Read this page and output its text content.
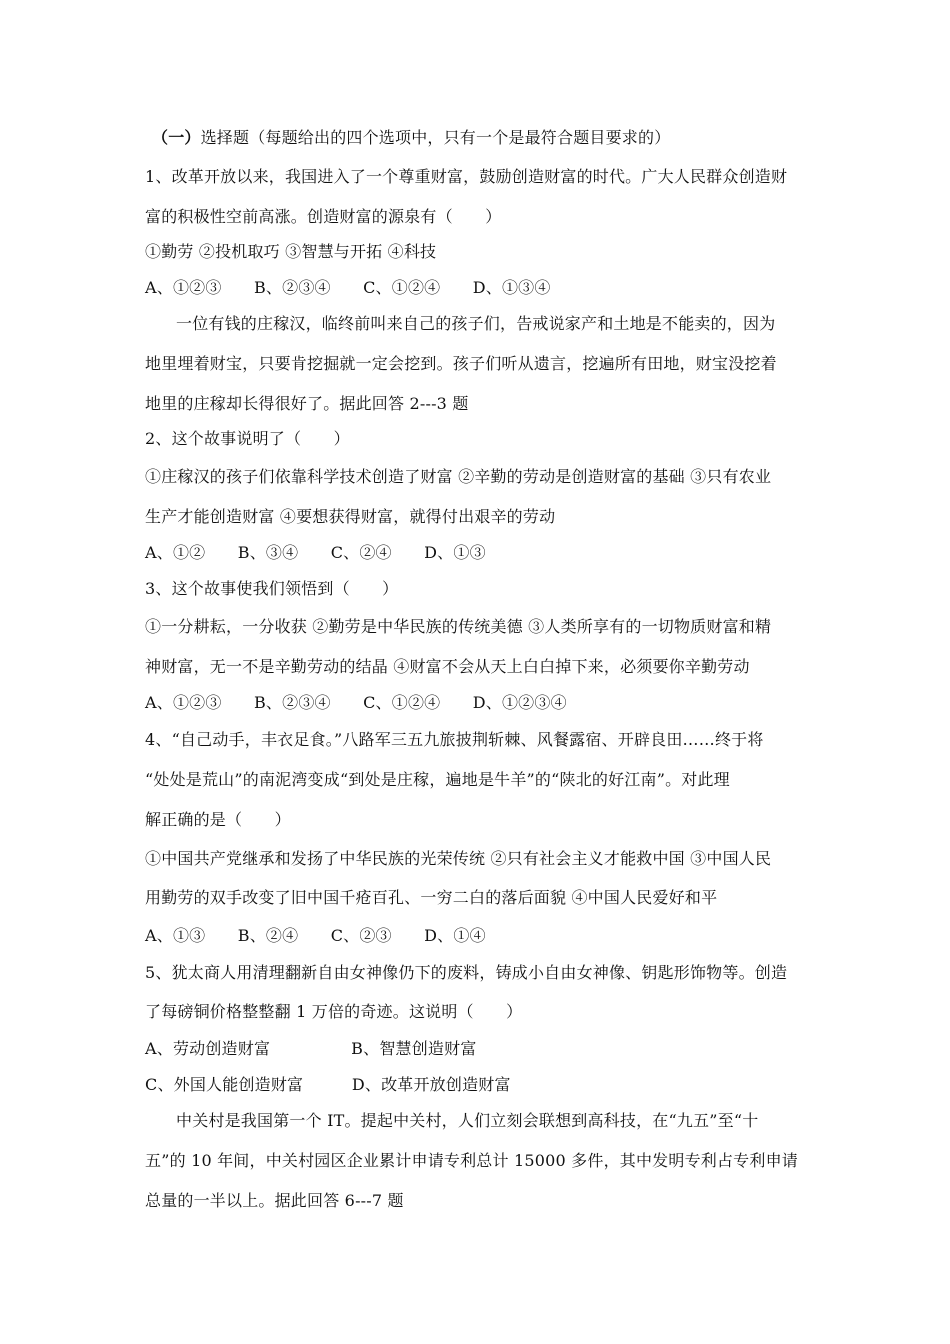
（一）选择题（每题给出的四个选项中，只有一个是最符合题目要求的）
1、改革开放以来，我国进入了一个尊重财富，鼓励创造财富的时代。广大人民群众创造财
富的积极性空前高涨。创造财富的源泉有（　　）
①勤劳 ②投机取巧 ③智慧与开拓 ④科技
A、①②③　　B、②③④　　C、①②④　　D、①③④
一位有钱的庄稼汉，临终前叫来自己的孩子们，告戒说家产和土地是不能卖的，因为
地里埋着财宝，只要肯挖掘就一定会挖到。孩子们听从遗言，挖遍所有田地，财宝没挖着
地里的庄稼却长得很好了。据此回答 2---3 题
2、这个故事说明了（　　）
①庄稼汉的孩子们依靠科学技术创造了财富 ②辛勤的劳动是创造财富的基础 ③只有农业
生产才能创造财富 ④要想获得财富，就得付出艰辛的劳动
A、①②　　B、③④　　C、②④　　D、①③
3、这个故事使我们领悟到（　　）
①一分耕耘，一分收获 ②勤劳是中华民族的传统美德 ③人类所享有的一切物质财富和精
神财富，无一不是辛勤劳动的结晶 ④财富不会从天上白白掉下来，必须要你辛勤劳动
A、①②③　　B、②③④　　C、①②④　　D、①②③④
4、“自己动手，丰衣足食。”八路军三五九旅披荆斩棘、风餐露宿、开辟良田……终于将
“处处是荒山”的南泥湾变成“到处是庄稼，遍地是牛羊”的“陕北的好江南”。对此理
解正确的是（　　）
①中国共产党继承和发扬了中华民族的光荣传统 ②只有社会主义才能救中国 ③中国人民
用勤劳的双手改变了旧中国千疮百孔、一穷二白的落后面貌 ④中国人民爱好和平
A、①③　　B、②④　　C、②③　　D、①④
5、犹太商人用清理翻新自由女神像仍下的废料，铸成小自由女神像、钥匙形饰物等。创造
了每磅铜价格整整翻 1 万倍的奇迹。这说明（　　）
A、劳动创造财富　　　　　B、智慧创造财富
C、外国人能创造财富　　　D、改革开放创造财富
中关村是我国第一个 IT。提起中关村，人们立刻会联想到高科技，在“九五”至“十
五”的 10 年间，中关村园区企业累计申请专利总计 15000 多件，其中发明专利占专利申请
总量的一半以上。据此回答 6---7 题
